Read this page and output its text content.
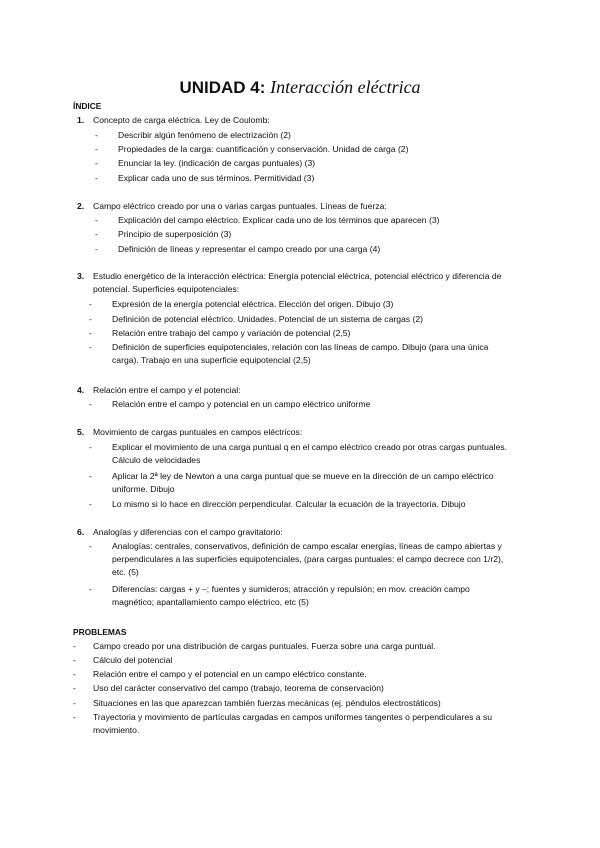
UNIDAD 4: Interacción eléctrica
ÍNDICE
1. Concepto de carga eléctrica. Ley de Coulomb:
- Describir algún fenómeno de electrización (2)
- Propiedades de la carga: cuantificación y conservación. Unidad de carga (2)
- Enunciar la ley. (indicación de cargas puntuales) (3)
- Explicar cada uno de sus términos. Permitividad (3)
2. Campo eléctrico creado por una o varias cargas puntuales. Líneas de fuerza:
- Explicación del campo eléctrico. Explicar cada uno de los términos que aparecen (3)
- Principio de superposición (3)
- Definición de líneas y representar el campo creado por una carga (4)
3. Estudio energético de la interacción eléctrica: Energía potencial eléctrica, potencial eléctrico y diferencia de potencial. Superficies equipotenciales:
- Expresión de la energía potencial eléctrica. Elección del origen. Dibujo (3)
- Definición de potencial eléctrico. Unidades. Potencial de un sistema de cargas (2)
- Relación entre trabajo del campo y variación de potencial (2,5)
- Definición de superficies equipotenciales, relación con las líneas de campo. Dibujo (para una única carga). Trabajo en una superficie equipotencial (2,5)
4. Relación entre el campo y el potencial:
- Relación entre el campo y potencial en un campo eléctrico uniforme
5. Movimiento de cargas puntuales en campos eléctricos:
- Explicar el movimiento de una carga puntual q en el campo eléctrico creado por otras cargas puntuales. Cálculo de velocidades
- Aplicar la 2ª ley de Newton a una carga puntual que se mueve en la dirección de un campo eléctrico uniforme. Dibujo
- Lo mismo si lo hace en dirección perpendicular. Calcular la ecuación de la trayectoria. Dibujo
6. Analogías y diferencias con el campo gravitatorio:
- Analogías: centrales, conservativos, definición de campo escalar energías, líneas de campo abiertas y perpendiculares a las superficies equipotenciales, (para cargas puntuales: el campo decrece con 1/r2), etc. (5)
- Diferencias: cargas + y –; fuentes y sumideros; atracción y repulsión; en mov. creación campo magnético; apantallamiento campo eléctrico, etc (5)
PROBLEMAS
- Campo creado por una distribución de cargas puntuales. Fuerza sobre una carga puntual.
- Cálculo del potencial
- Relación entre el campo y el potencial en un campo eléctrico constante.
- Uso del carácter conservativo del campo (trabajo, teorema de conservación)
- Situaciones en las que aparezcan también fuerzas mecánicas (ej. péndulos electrostáticos)
- Trayectoria y movimiento de partículas cargadas en campos uniformes tangentes o perpendiculares a su movimiento.
